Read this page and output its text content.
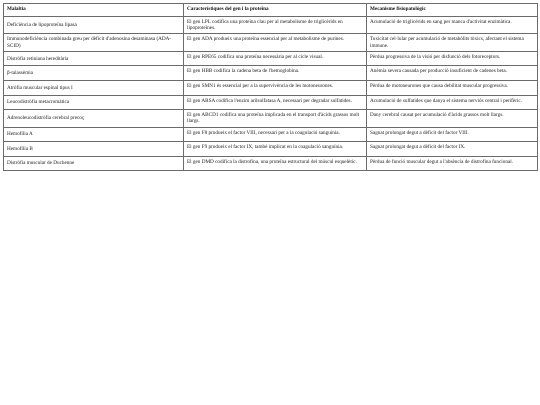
Malaltia	Característiques del gen i la proteïna	Mecanisme fisiopatològic
Deficiència de lipoproteïna lipasa	El gen LPL codifica una proteïna clau per al metabolisme de triglicèrids en lipoproteïnes.	Acumulació de triglicèrids en sang per manca d'activitat enzimàtica.
Immunodeficiència combinada greu per dèficit d'adenosina desaminasa (ADA-SCID)	El gen ADA produeix una proteïna essencial per al metabolisme de purines.	Toxicitat cel·lular per acumulació de metabòlits tòxics, afectant el sistema immune.
Distròfia retiniana hereditària	El gen RPE65 codifica una proteïna necessària per al cicle visual.	Pèrdua progressiva de la visió per disfunció dels fotoreceptors.
β-talassèmia	El gen HBB codifica la cadena beta de l'hemoglobina.	Anèmia severa causada per producció insuficient de cadenes beta.
Atròfia muscular espinal tipus I	El gen SMN1 és essencial per a la supervivència de les motoneurones.	Pèrdua de motoneurones que causa debilitat muscular progressiva.
Leucodistròfia metacromàtica	El gen ARSA codifica l'enzim arilsulfatasa A, necessari per degradar sulfatides.	Acumulació de sulfatides que danya el sistema nerviós central i perifèric.
Adrenoleucodistròfia cerebral precoç	El gen ABCD1 codifica una proteïna implicada en el transport d'àcids grassos molt llargs.	Dany cerebral causat per acumulació d'àcids grassos molt llargs.
Hemofília A	El gen F8 produeix el factor VIII, necessari per a la coagulació sanguínia.	Sagnat prolongat degut a dèficit del factor VIII.
Hemofília B	El gen F9 produeix el factor IX, també implicat en la coagulació sanguínia.	Sagnat prolongat degut a dèficit del factor IX.
Distròfia muscular de Duchenne	El gen DMD codifica la distrofina, una proteïna estructural del múscul esquelètic.	Pèrdua de funció muscular degut a l'absència de distrofina funcional.
